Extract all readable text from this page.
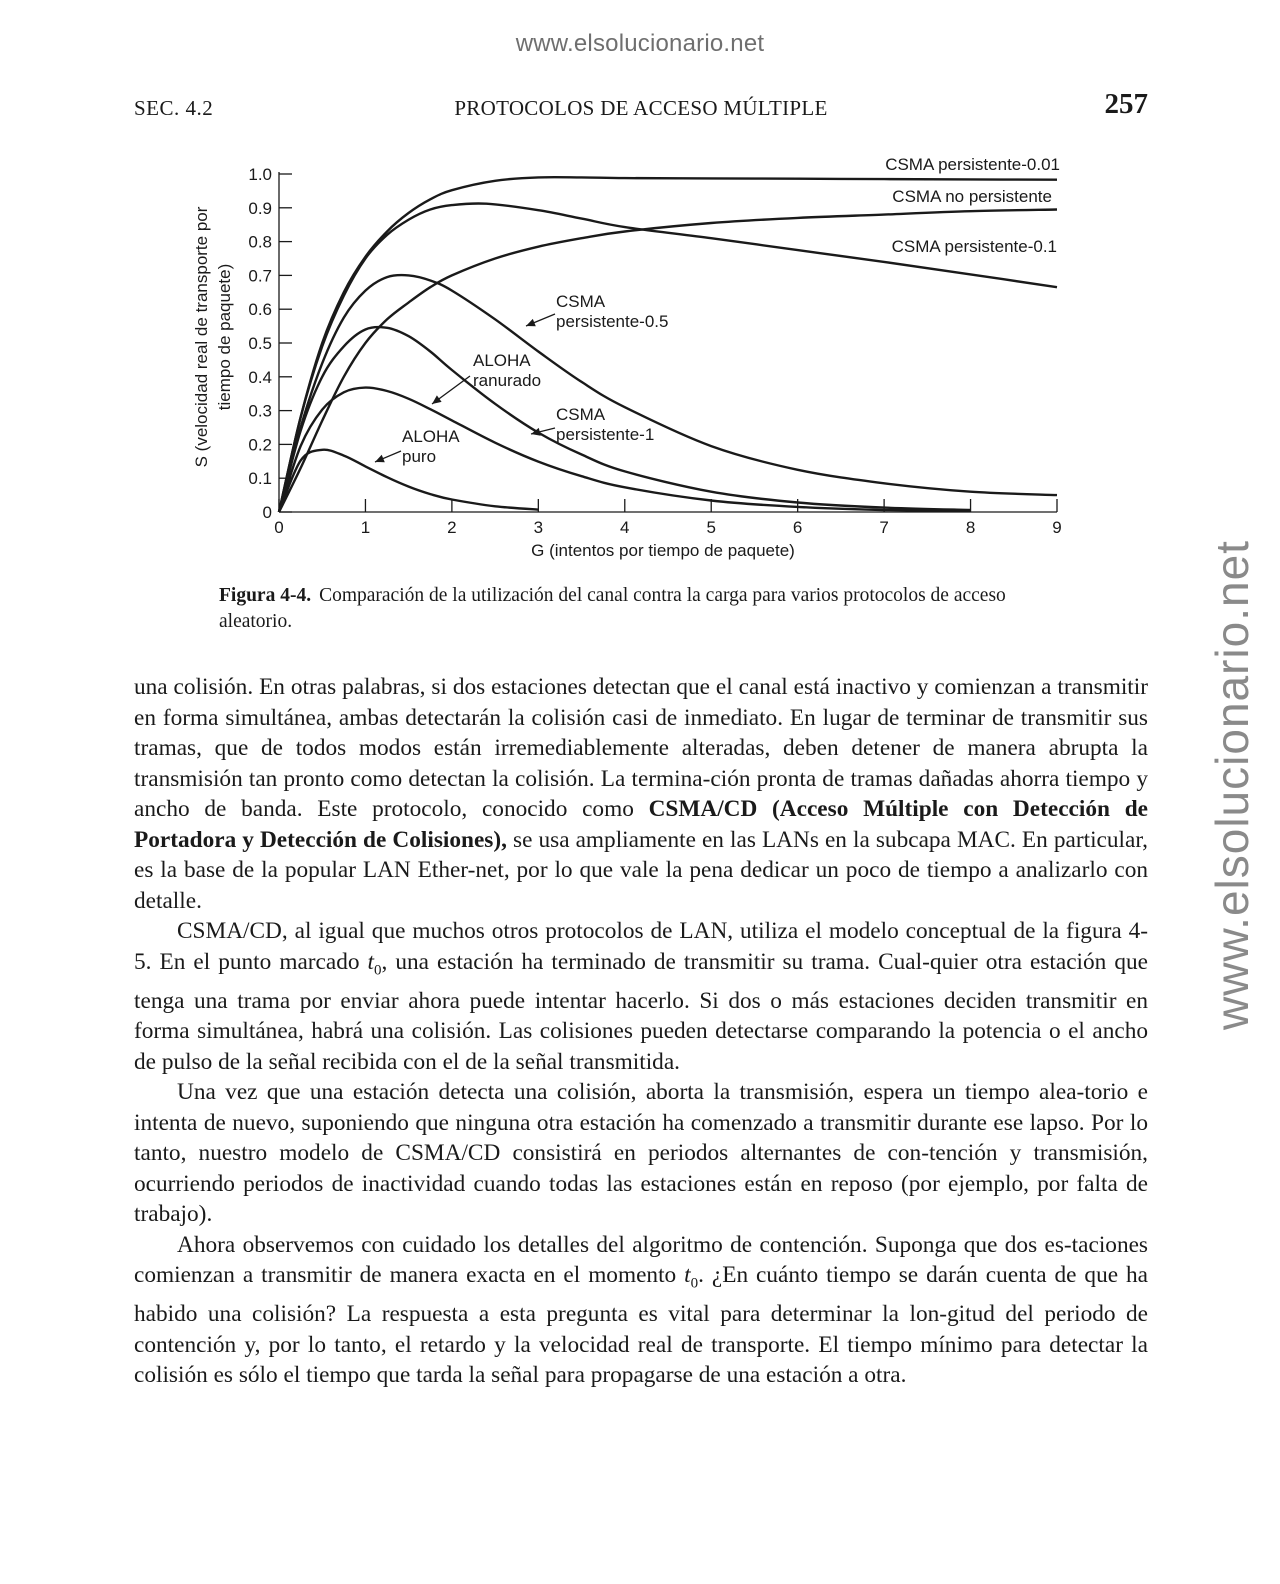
www.elsolucionario.net
www.elsolucionario.net
SEC. 4.2	PROTOCOLOS DE ACCESO MÚLTIPLE	257
0
0.1
0.2
0.3
0.4
0.5
0.6
0.7
0.8
0.9
1.0
0	1	2	3	4	5	6	7	8	9
CSMA persistente-0.01
CSMA no persistente
CSMA persistente-0.1
CSMA
persistente-0.5
ALOHA
ranurado
CSMA
persistente-1
ALOHA
puro
G (intentos por tiempo de paquete)
S (velocidad real de transporte por tiempo de paquete)
Figura 4-4. Comparación de la utilización del canal contra la carga para varios protocolos de acceso aleatorio.

una colisión. En otras palabras, si dos estaciones detectan que el canal está inactivo y comienzan a transmitir en forma simultánea, ambas detectarán la colisión casi de inmediato. En lugar de terminar de transmitir sus tramas, que de todos modos están irremediablemente alteradas, deben detener de manera abrupta la transmisión tan pronto como detectan la colisión. La termina-ción pronta de tramas dañadas ahorra tiempo y ancho de banda. Este protocolo, conocido como CSMA/CD (Acceso Múltiple con Detección de Portadora y Detección de Colisiones), se usa ampliamente en las LANs en la subcapa MAC. En particular, es la base de la popular LAN Ether-net, por lo que vale la pena dedicar un poco de tiempo a analizarlo con detalle.

CSMA/CD, al igual que muchos otros protocolos de LAN, utiliza el modelo conceptual de la figura 4-5. En el punto marcado $t_0$, una estación ha terminado de transmitir su trama. Cual-quier otra estación que tenga una trama por enviar ahora puede intentar hacerlo. Si dos o más estaciones deciden transmitir en forma simultánea, habrá una colisión. Las colisiones pueden detectarse comparando la potencia o el ancho de pulso de la señal recibida con el de la señal transmitida.

Una vez que una estación detecta una colisión, aborta la transmisión, espera un tiempo alea-torio e intenta de nuevo, suponiendo que ninguna otra estación ha comenzado a transmitir durante ese lapso. Por lo tanto, nuestro modelo de CSMA/CD consistirá en periodos alternantes de con-tención y transmisión, ocurriendo periodos de inactividad cuando todas las estaciones están en reposo (por ejemplo, por falta de trabajo).

Ahora observemos con cuidado los detalles del algoritmo de contención. Suponga que dos es-taciones comienzan a transmitir de manera exacta en el momento $t_0$. ¿En cuánto tiempo se darán cuenta de que ha habido una colisión? La respuesta a esta pregunta es vital para determinar la lon-gitud del periodo de contención y, por lo tanto, el retardo y la velocidad real de transporte. El tiempo mínimo para detectar la colisión es sólo el tiempo que tarda la señal para propagarse de una estación a otra.
